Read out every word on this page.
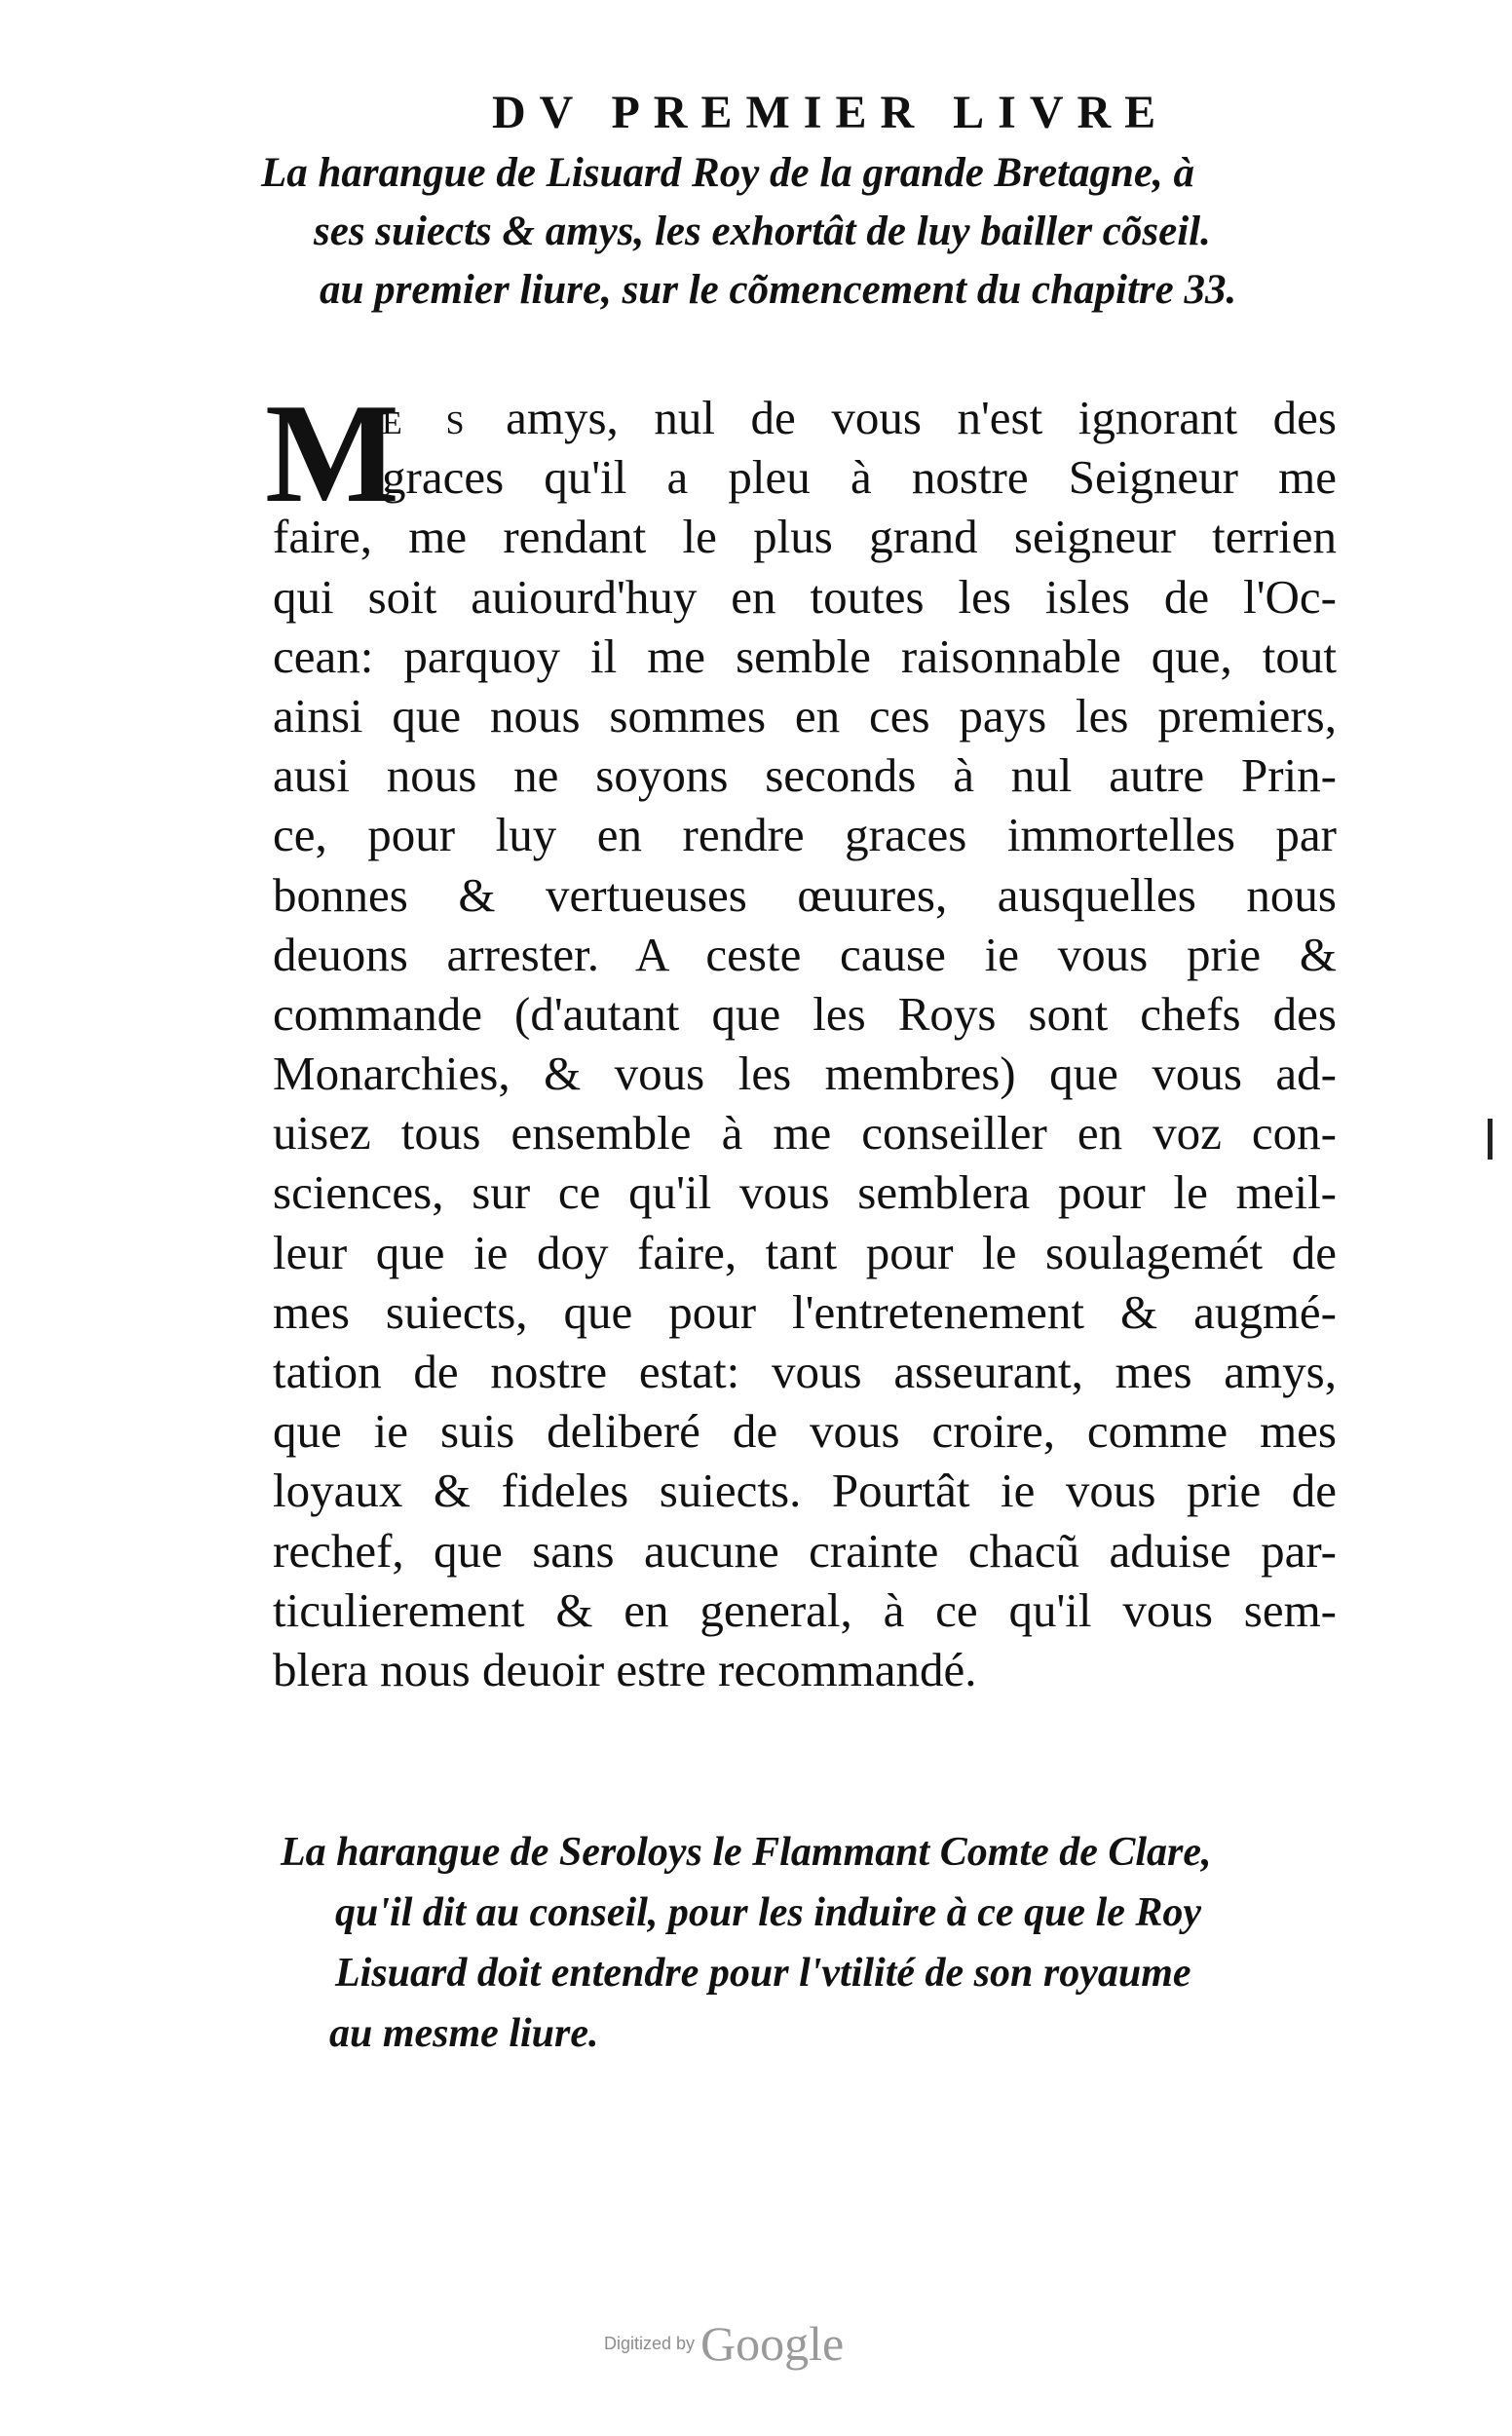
DV PREMIER LIVRE
La harangue de Lisuard Roy de la grande Bretagne, à
ses suiects & amys, les exhortât de luy bailler cõseil.
au premier liure, sur le cõmencement du chapitre 33.
M
E S amys, nul de vous n'est ignorant des
graces qu'il a pleu à nostre Seigneur me
faire, me rendant le plus grand seigneur terrien
qui soit auiourd'huy en toutes les isles de l'Oc-
cean: parquoy il me semble raisonnable que, tout
ainsi que nous sommes en ces pays les premiers,
ausi nous ne soyons seconds à nul autre Prin-
ce, pour luy en rendre graces immortelles par
bonnes & vertueuses œuures, ausquelles nous
deuons arrester. A ceste cause ie vous prie &
commande (d'autant que les Roys sont chefs des
Monarchies, & vous les membres) que vous ad-
uisez tous ensemble à me conseiller en voz con-
sciences, sur ce qu'il vous semblera pour le meil-
leur que ie doy faire, tant pour le soulagemét de
mes suiects, que pour l'entretenement & augmé-
tation de nostre estat: vous asseurant, mes amys,
que ie suis deliberé de vous croire, comme mes
loyaux & fideles suiects. Pourtât ie vous prie de
rechef, que sans aucune crainte chacũ aduise par-
ticulierement & en general, à ce qu'il vous sem-
blera nous deuoir estre recommandé.
La harangue de Seroloys le Flammant Comte de Clare,
qu'il dit au conseil, pour les induire à ce que le Roy
Lisuard doit entendre pour l'vtilité de son royaume
au mesme liure.
Digitized by Google
